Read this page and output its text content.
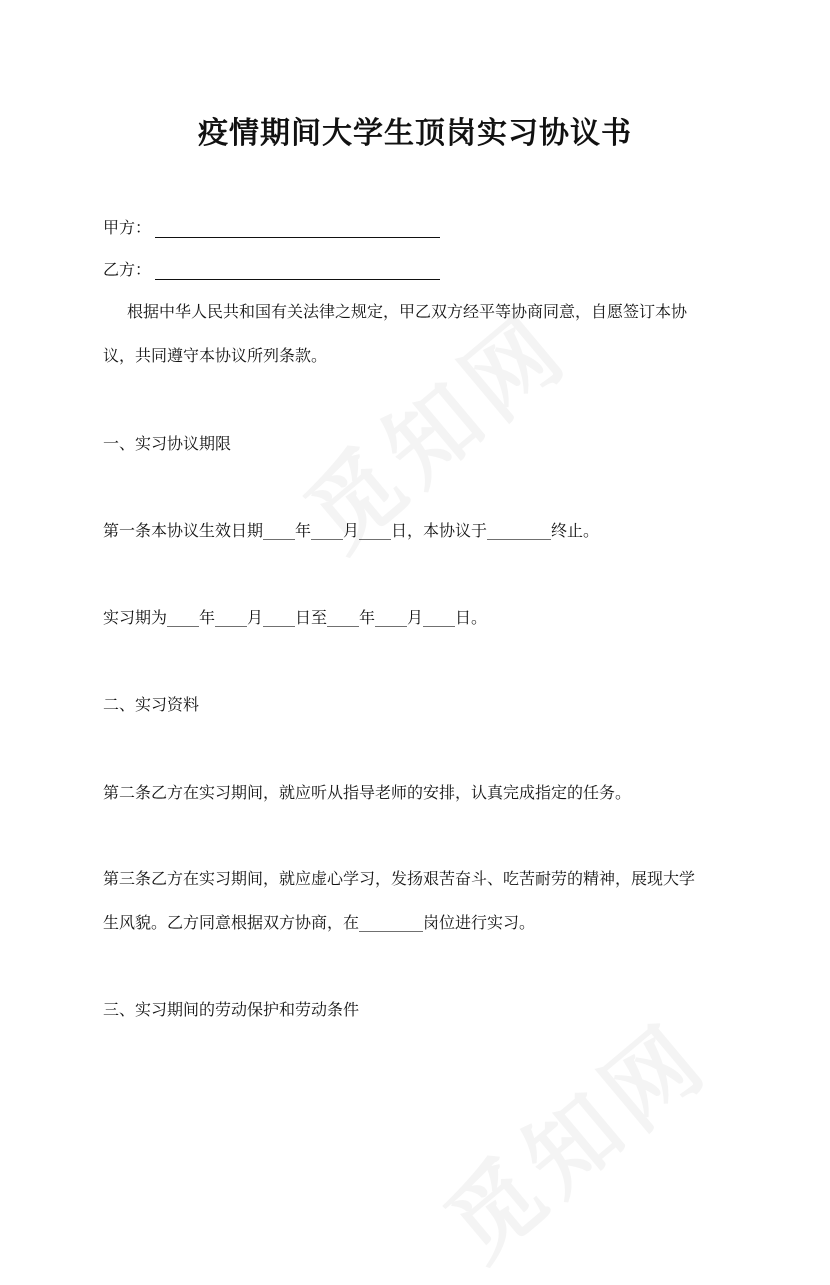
疫情期间大学生顶岗实习协议书
甲方：
乙方：
根据中华人民共和国有关法律之规定，甲乙双方经平等协商同意，自愿签订本协
议，共同遵守本协议所列条款。
一、实习协议期限
第一条本协议生效日期____年____月____日，本协议于________终止。
实习期为____年____月____日至____年____月____日。
二、实习资料
第二条乙方在实习期间，就应听从指导老师的安排，认真完成指定的任务。
第三条乙方在实习期间，就应虚心学习，发扬艰苦奋斗、吃苦耐劳的精神，展现大学
生风貌。乙方同意根据双方协商，在________岗位进行实习。
三、实习期间的劳动保护和劳动条件
